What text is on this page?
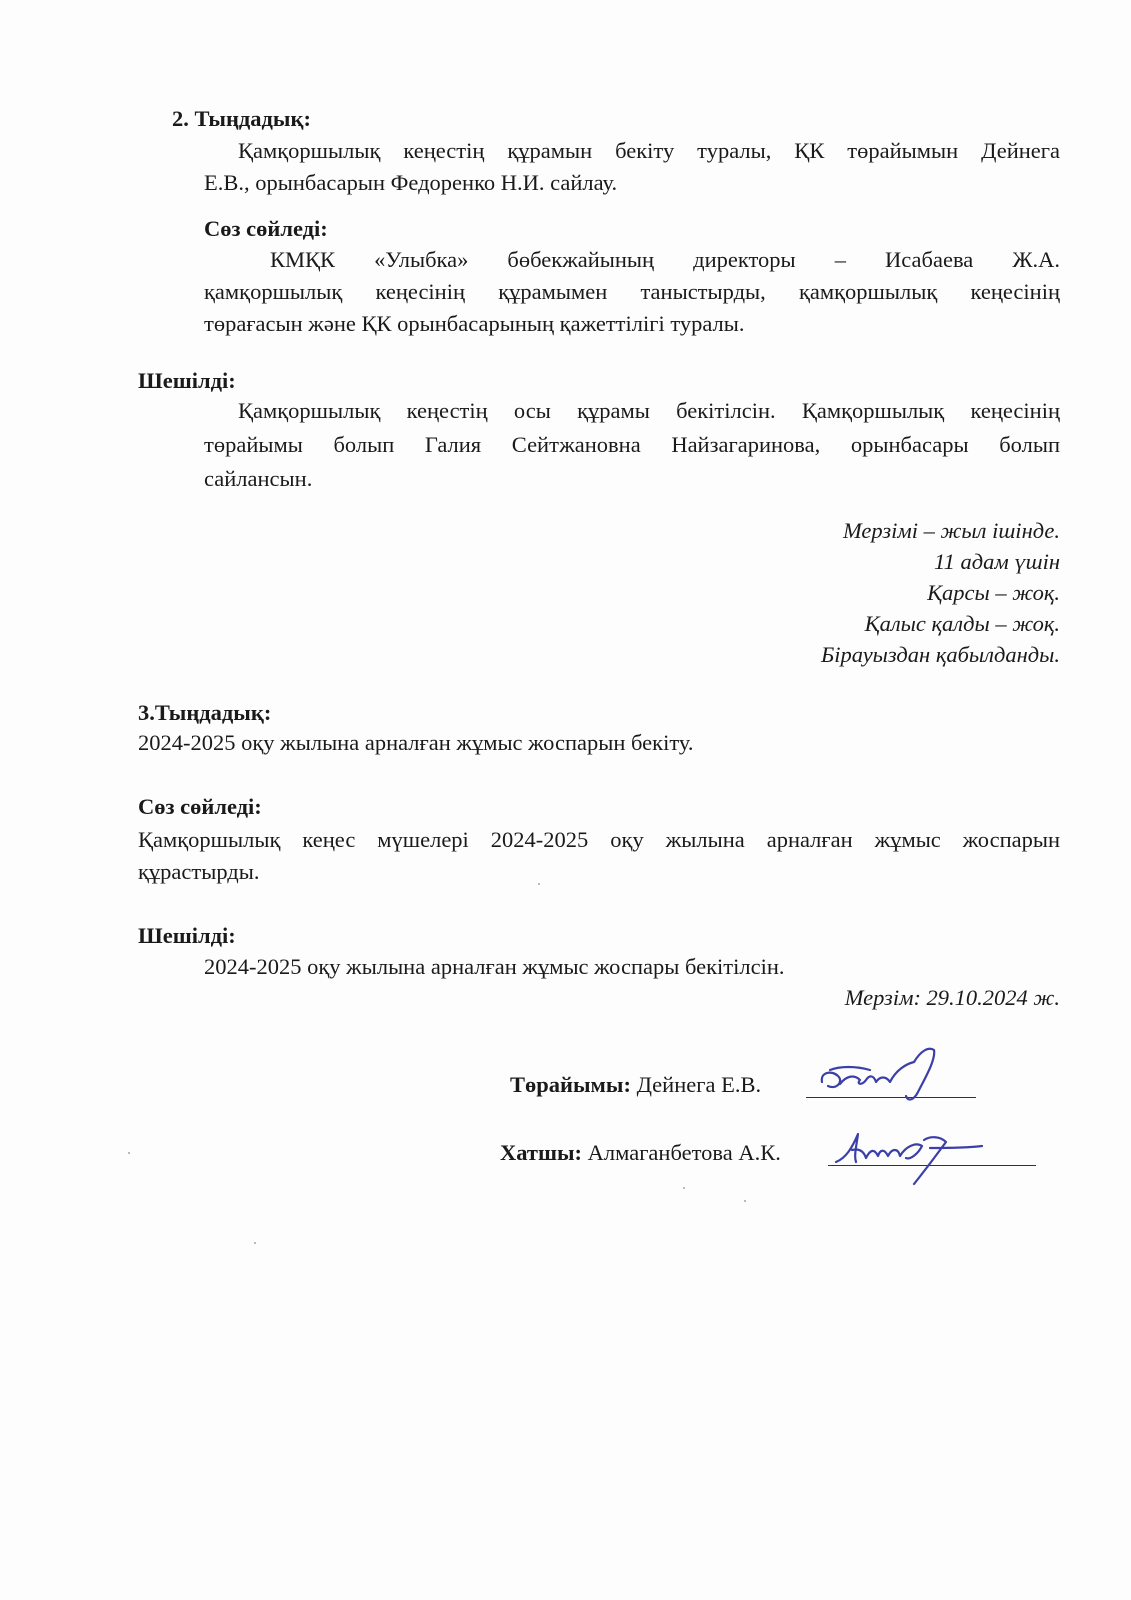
2. Тыңдадық:
Қамқоршылық кеңестің құрамын бекіту туралы, ҚК төрайымын Дейнега
Е.В., орынбасарын Федоренко Н.И. сайлау.
Сөз сөйледі:
КМҚК «Улыбка» бөбекжайының директоры – Исабаева Ж.А.
қамқоршылық кеңесінің құрамымен таныстырды, қамқоршылық кеңесінің
төрағасын және ҚК орынбасарының қажеттілігі туралы.
Шешілді:
Қамқоршылық кеңестің осы құрамы бекітілсін. Қамқоршылық кеңесінің
төрайымы болып Галия Сейтжановна Найзагаринова, орынбасары болып
сайлансын.
Мерзімі – жыл ішінде.
11 адам үшін
Қарсы – жоқ.
Қалыс қалды – жоқ.
Бірауыздан қабылданды.
3.Тыңдадық:
2024-2025 оқу жылына арналған жұмыс жоспарын бекіту.
Сөз сөйледі:
Қамқоршылық кеңес мүшелері 2024-2025 оқу жылына арналған жұмыс жоспарын
құрастырды.
Шешілді:
2024-2025 оқу жылына арналған жұмыс жоспары бекітілсін.
Мерзім: 29.10.2024 ж.
Төрайымы: Дейнега Е.В.
Хатшы: Алмаганбетова А.К.
